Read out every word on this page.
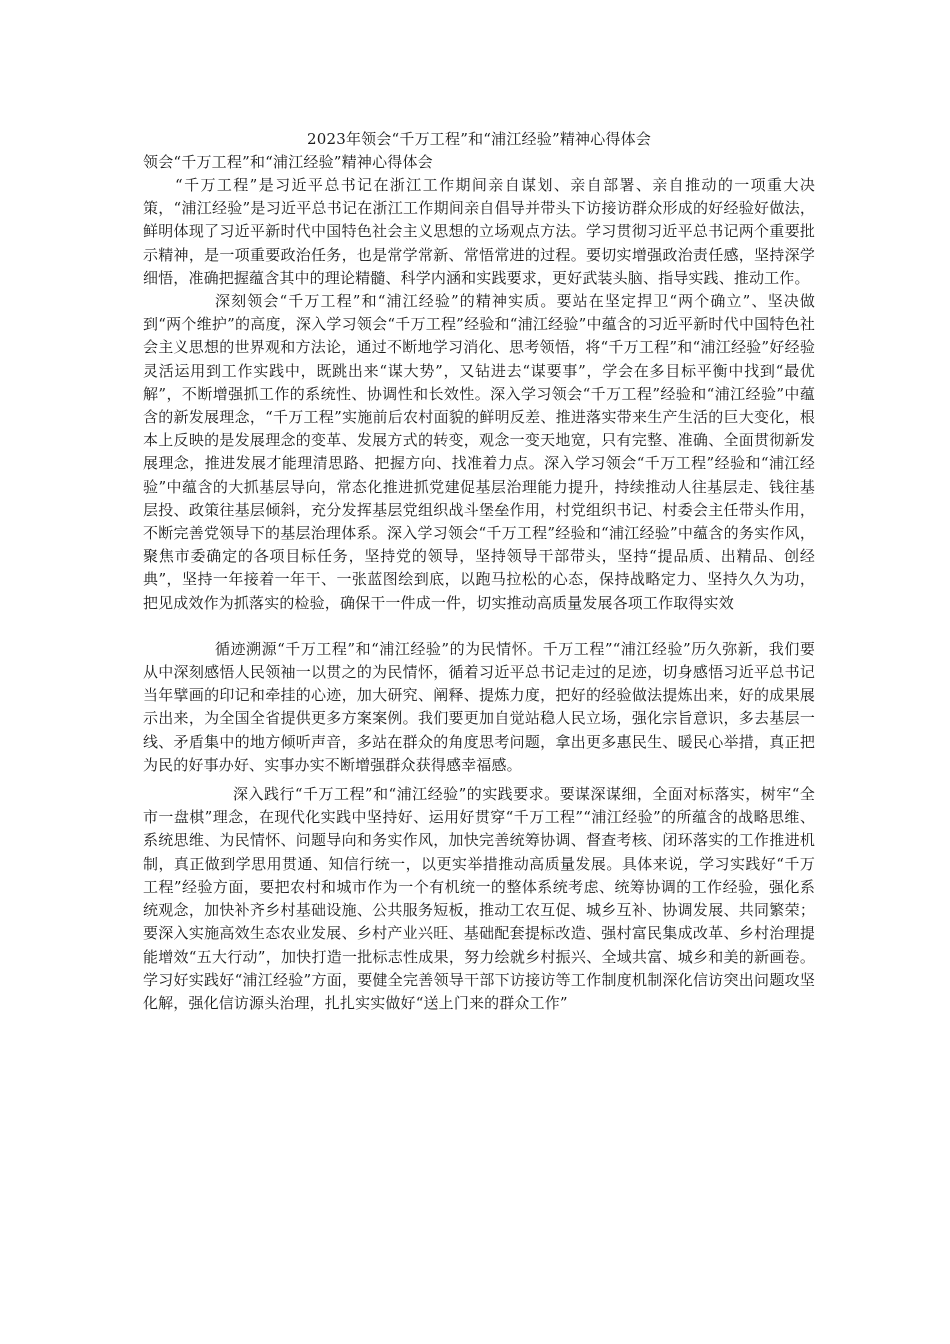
2023年领会“千万工程”和“浦江经验”精神心得体会
领会“千万工程”和“浦江经验”精神心得体会

“千万工程”是习近平总书记在浙江工作期间亲自谋划、亲自部署、亲自推动的一项重大决策，“浦江经验”是习近平总书记在浙江工作期间亲自倡导并带头下访接访群众形成的好经验好做法，鲜明体现了习近平新时代中国特色社会主义思想的立场观点方法。学习贯彻习近平总书记两个重要批示精神，是一项重要政治任务，也是常学常新、常悟常进的过程。要切实增强政治责任感，坚持深学细悟，准确把握蕴含其中的理论精髓、科学内涵和实践要求，更好武装头脑、指导实践、推动工作。

深刻领会“千万工程”和“浦江经验”的精神实质。要站在坚定捍卫“两个确立”、坚决做到“两个维护”的高度，深入学习领会“千万工程”经验和“浦江经验”中蕴含的习近平新时代中国特色社会主义思想的世界观和方法论，通过不断地学习消化、思考领悟，将“千万工程”和“浦江经验”好经验灵活运用到工作实践中，既跳出来“谋大势”，又钻进去“谋要事”，学会在多目标平衡中找到“最优解”，不断增强抓工作的系统性、协调性和长效性。深入学习领会“千万工程”经验和“浦江经验”中蕴含的新发展理念，“千万工程”实施前后农村面貌的鲜明反差、推进落实带来生产生活的巨大变化，根本上反映的是发展理念的变革、发展方式的转变，观念一变天地宽，只有完整、准确、全面贯彻新发展理念，推进发展才能理清思路、把握方向、找准着力点。深入学习领会“千万工程”经验和“浦江经验”中蕴含的大抓基层导向，常态化推进抓党建促基层治理能力提升，持续推动人往基层走、钱往基层投、政策往基层倾斜，充分发挥基层党组织战斗堡垒作用，村党组织书记、村委会主任带头作用，不断完善党领导下的基层治理体系。深入学习领会“千万工程”经验和“浦江经验”中蕴含的务实作风，聚焦市委确定的各项目标任务，坚持党的领导，坚持领导干部带头，坚持“提品质、出精品、创经典”，坚持一年接着一年干、一张蓝图绘到底，以跑马拉松的心态，保持战略定力、坚持久久为功，把见成效作为抓落实的检验，确保干一件成一件，切实推动高质量发展各项工作取得实效

循迹溯源“千万工程”和“浦江经验”的为民情怀。千万工程”“浦江经验”历久弥新，我们要从中深刻感悟人民领袖一以贯之的为民情怀，循着习近平总书记走过的足迹，切身感悟习近平总书记当年擘画的印记和牵挂的心迹，加大研究、阐释、提炼力度，把好的经验做法提炼出来，好的成果展示出来，为全国全省提供更多方案案例。我们要更加自觉站稳人民立场，强化宗旨意识，多去基层一线、矛盾集中的地方倾听声音，多站在群众的角度思考问题，拿出更多惠民生、暖民心举措，真正把为民的好事办好、实事办实不断增强群众获得感幸福感。

深入践行“千万工程”和“浦江经验”的实践要求。要谋深谋细，全面对标落实，树牢“全市一盘棋”理念，在现代化实践中坚持好、运用好贯穿“千万工程”“浦江经验”的所蕴含的战略思维、系统思维、为民情怀、问题导向和务实作风，加快完善统筹协调、督查考核、闭环落实的工作推进机制，真正做到学思用贯通、知信行统一，以更实举措推动高质量发展。具体来说，学习实践好“千万工程”经验方面，要把农村和城市作为一个有机统一的整体系统考虑、统筹协调的工作经验，强化系统观念，加快补齐乡村基础设施、公共服务短板，推动工农互促、城乡互补、协调发展、共同繁荣；要深入实施高效生态农业发展、乡村产业兴旺、基础配套提标改造、强村富民集成改革、乡村治理提能增效“五大行动”，加快打造一批标志性成果，努力绘就乡村振兴、全域共富、城乡和美的新画卷。学习好实践好“浦江经验”方面，要健全完善领导干部下访接访等工作制度机制深化信访突出问题攻坚化解，强化信访源头治理，扎扎实实做好“送上门来的群众工作”
